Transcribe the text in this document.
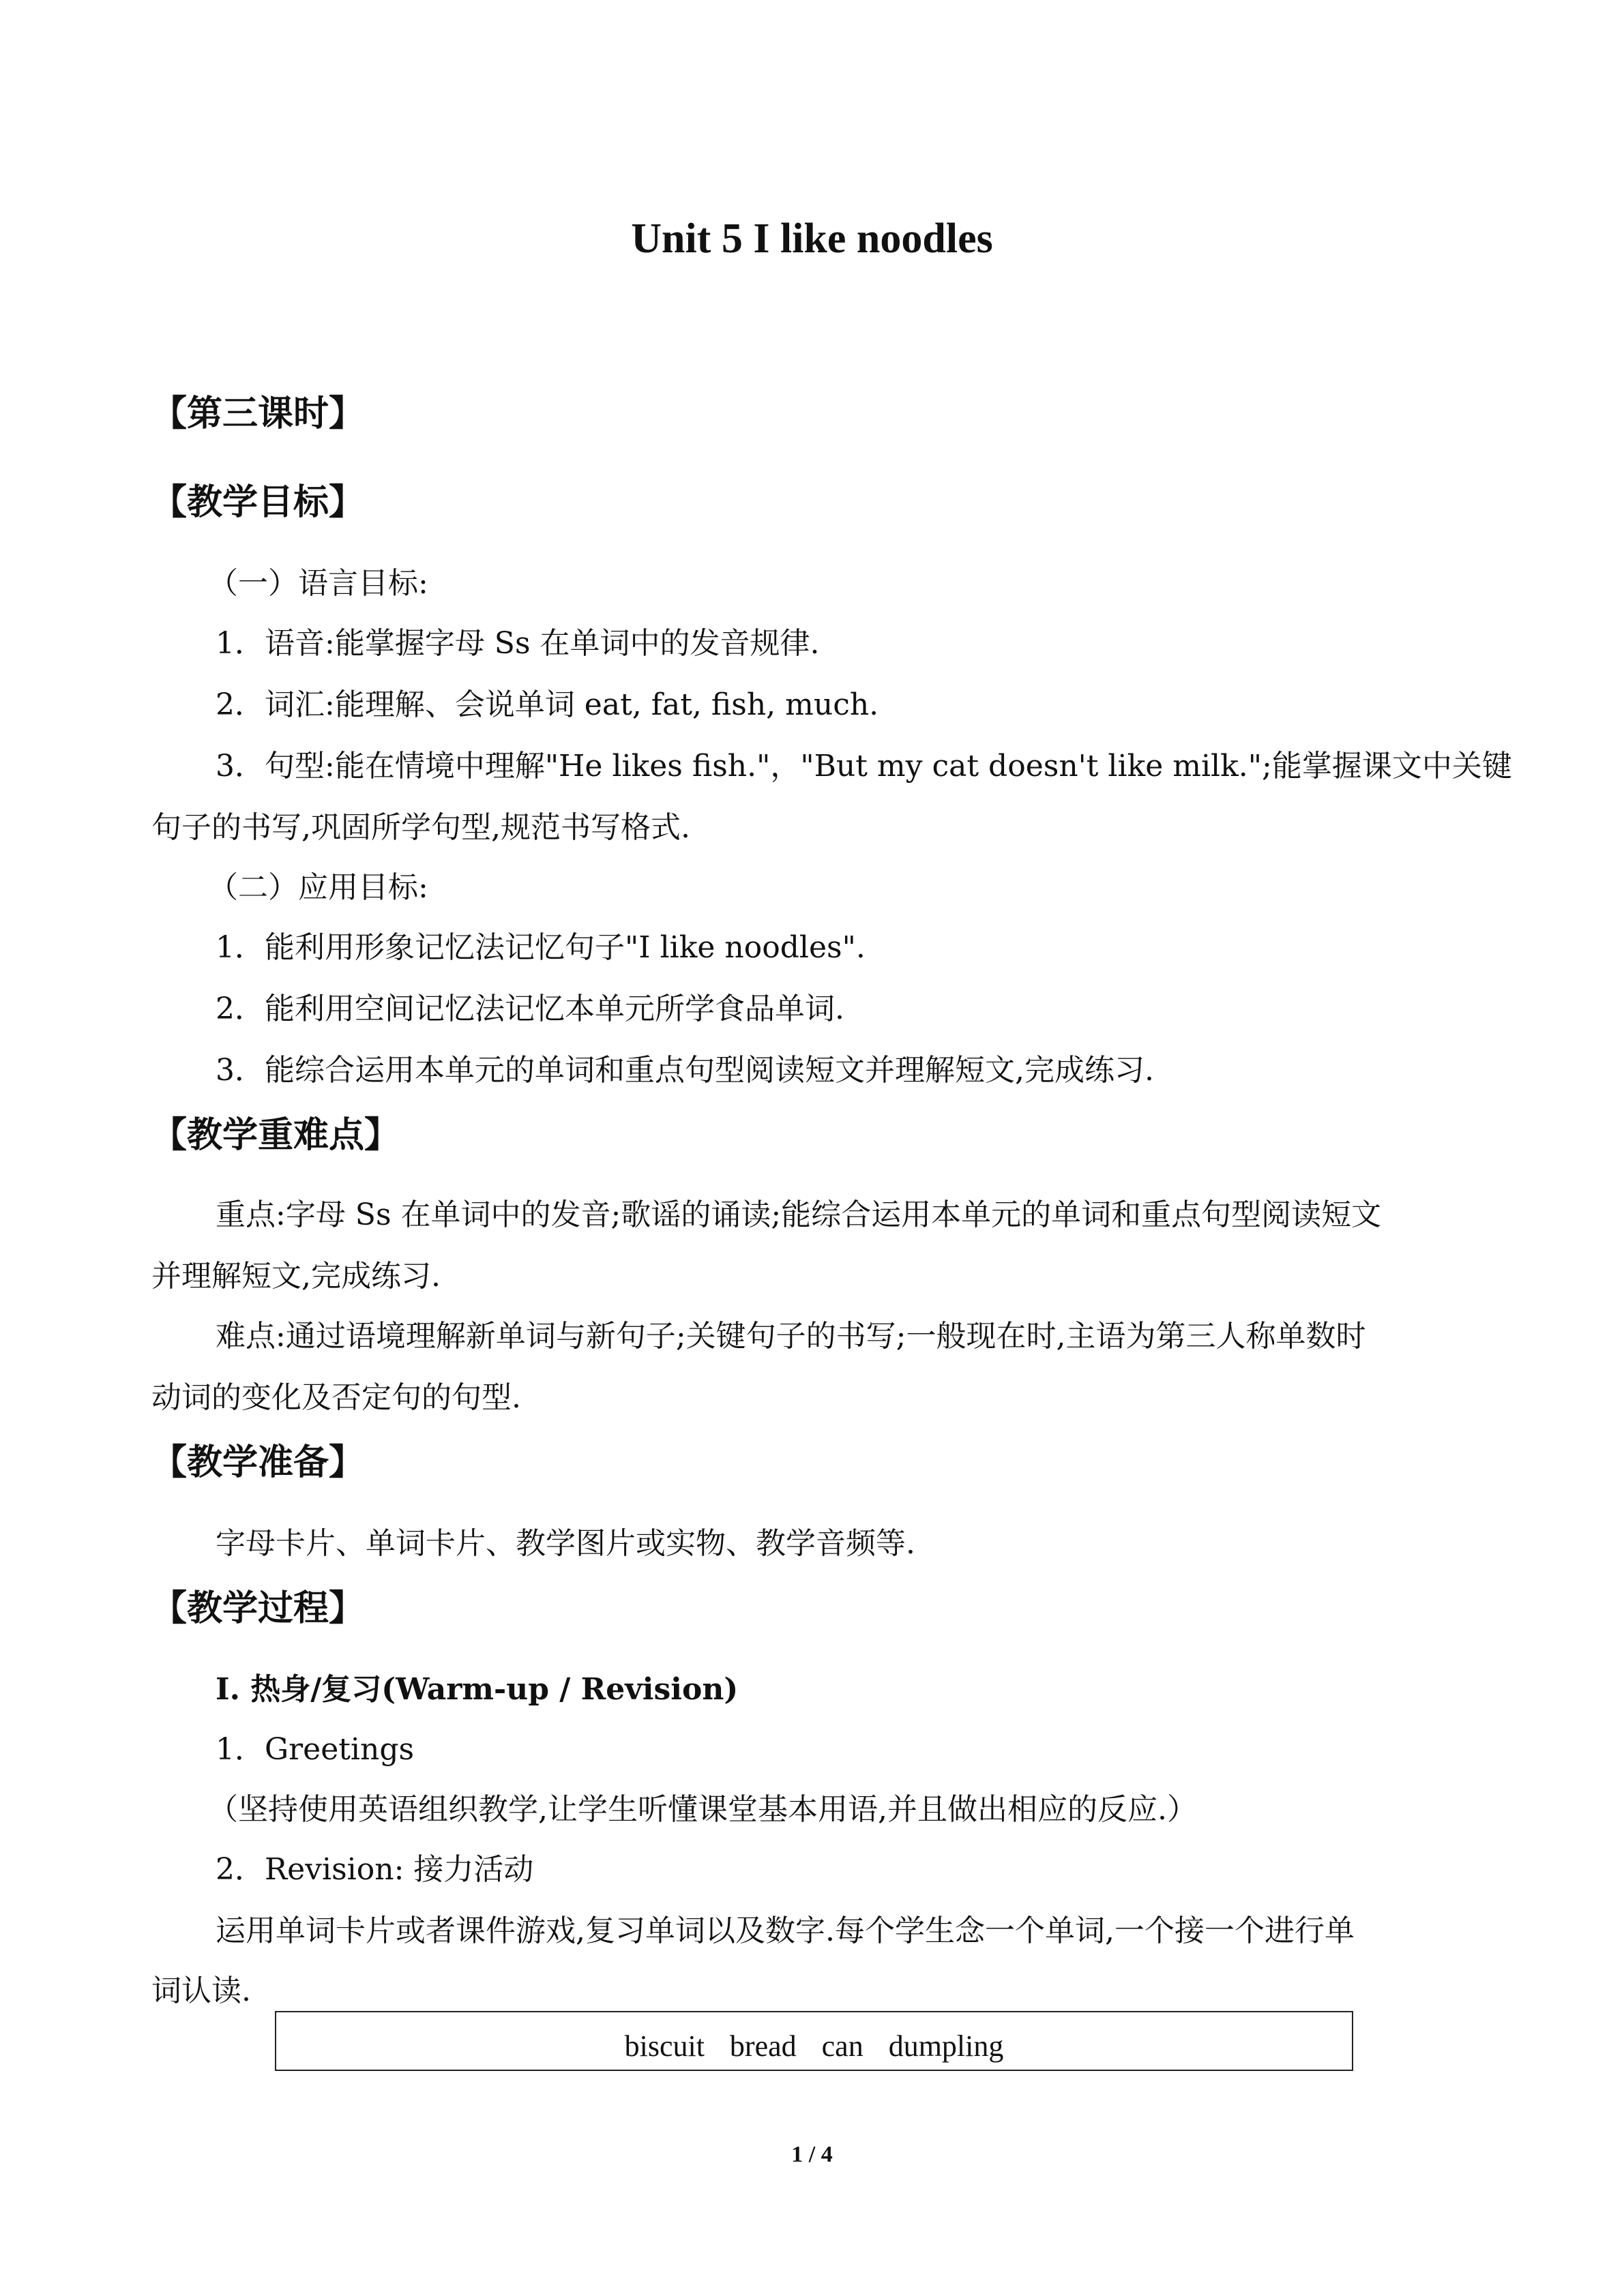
Unit 5 I like noodles
【第三课时】
【教学目标】
（一）语言目标:
1．语音:能掌握字母 Ss 在单词中的发音规律.
2．词汇:能理解、会说单词 eat, fat, fish, much.
3．句型:能在情境中理解"He likes fish."，"But my cat doesn't like milk.";能掌握课文中关键
句子的书写,巩固所学句型,规范书写格式.
（二）应用目标:
1．能利用形象记忆法记忆句子"I like noodles".
2．能利用空间记忆法记忆本单元所学食品单词.
3．能综合运用本单元的单词和重点句型阅读短文并理解短文,完成练习.
【教学重难点】
重点:字母 Ss 在单词中的发音;歌谣的诵读;能综合运用本单元的单词和重点句型阅读短文
并理解短文,完成练习.
难点:通过语境理解新单词与新句子;关键句子的书写;一般现在时,主语为第三人称单数时
动词的变化及否定句的句型.
【教学准备】
字母卡片、单词卡片、教学图片或实物、教学音频等.
【教学过程】
I. 热身/复习(Warm-up / Revision)
1．Greetings
（坚持使用英语组织教学,让学生听懂课堂基本用语,并且做出相应的反应.）
2．Revision: 接力活动
运用单词卡片或者课件游戏,复习单词以及数字.每个学生念一个单词,一个接一个进行单
词认读.
biscuit bread can dumpling
1 / 4
